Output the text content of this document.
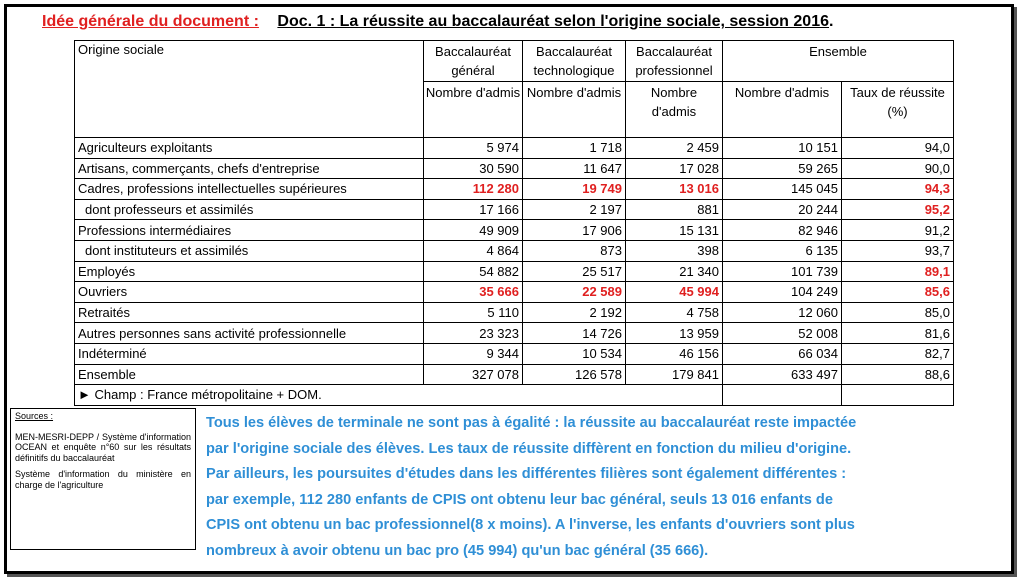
Idée générale du document : Doc. 1 : La réussite au baccalauréat selon l'origine sociale, session 2016.
Origine sociale	Baccalauréat général	Baccalauréat technologique	Baccalauréat professionnel	Ensemble	
	Nombre d'admis	Nombre d'admis	Nombre d'admis	Nombre d'admis	Taux de réussite (%)
Agriculteurs exploitants	5 974	1 718	2 459	10 151	94,0
Artisans, commerçants, chefs d'entreprise	30 590	11 647	17 028	59 265	90,0
Cadres, professions intellectuelles supérieures	112 280	19 749	13 016	145 045	94,3
dont professeurs et assimilés	17 166	2 197	881	20 244	95,2
Professions intermédiaires	49 909	17 906	15 131	82 946	91,2
dont instituteurs et assimilés	4 864	873	398	6 135	93,7
Employés	54 882	25 517	21 340	101 739	89,1
Ouvriers	35 666	22 589	45 994	104 249	85,6
Retraités	5 110	2 192	4 758	12 060	85,0
Autres personnes sans activité professionnelle	23 323	14 726	13 959	52 008	81,6
Indéterminé	9 344	10 534	46 156	66 034	82,7
Ensemble	327 078	126 578	179 841	633 497	88,6
► Champ : France métropolitaine + DOM.					
Sources :

MEN-MESRI-DEPP / Système d'information OCEAN et enquête n°60 sur les résultats définitifs du baccalauréat

Système d'information du ministère en charge de l'agriculture

Tous les élèves de terminale ne sont pas à égalité : la réussite au baccalauréat reste impactée
par l'origine sociale des élèves. Les taux de réussite diffèrent en fonction du milieu d'origine.
Par ailleurs, les poursuites d'études dans les différentes filières sont également différentes :
par exemple, 112 280 enfants de CPIS ont obtenu leur bac général, seuls 13 016 enfants de
CPIS ont obtenu un bac professionnel(8 x moins). A l'inverse, les enfants d'ouvriers sont plus
nombreux à avoir obtenu un bac pro (45 994) qu'un bac général (35 666).
